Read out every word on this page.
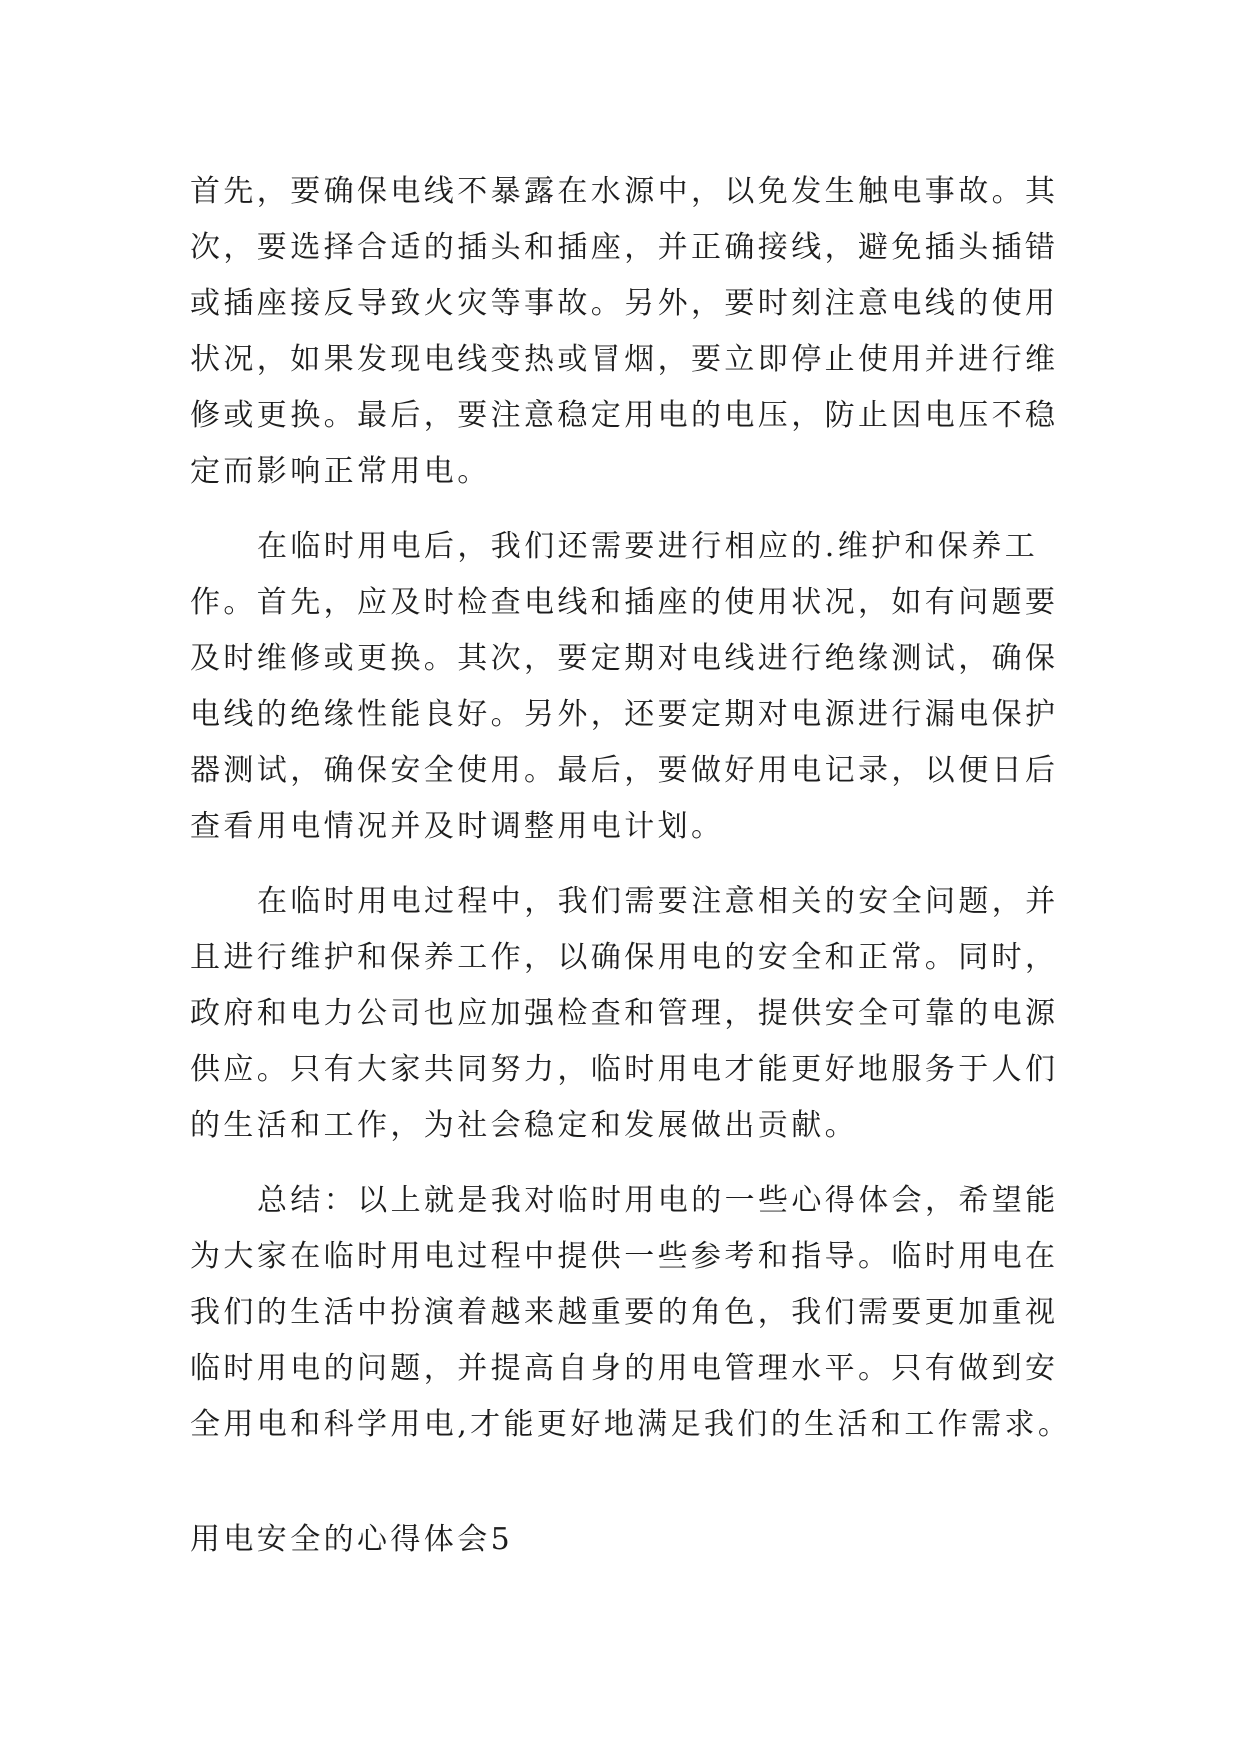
首先，要确保电线不暴露在水源中，以免发生触电事故。其
次，要选择合适的插头和插座，并正确接线，避免插头插错
或插座接反导致火灾等事故。另外，要时刻注意电线的使用
状况，如果发现电线变热或冒烟，要立即停止使用并进行维
修或更换。最后，要注意稳定用电的电压，防止因电压不稳
定而影响正常用电。
在临时用电后，我们还需要进行相应的.维护和保养工
作。首先，应及时检查电线和插座的使用状况，如有问题要
及时维修或更换。其次，要定期对电线进行绝缘测试，确保
电线的绝缘性能良好。另外，还要定期对电源进行漏电保护
器测试，确保安全使用。最后，要做好用电记录，以便日后
查看用电情况并及时调整用电计划。
在临时用电过程中，我们需要注意相关的安全问题，并
且进行维护和保养工作，以确保用电的安全和正常。同时，
政府和电力公司也应加强检查和管理，提供安全可靠的电源
供应。只有大家共同努力，临时用电才能更好地服务于人们
的生活和工作，为社会稳定和发展做出贡献。
总结：以上就是我对临时用电的一些心得体会，希望能
为大家在临时用电过程中提供一些参考和指导。临时用电在
我们的生活中扮演着越来越重要的角色，我们需要更加重视
临时用电的问题，并提高自身的用电管理水平。只有做到安
全用电和科学用电,才能更好地满足我们的生活和工作需求。
用电安全的心得体会5
